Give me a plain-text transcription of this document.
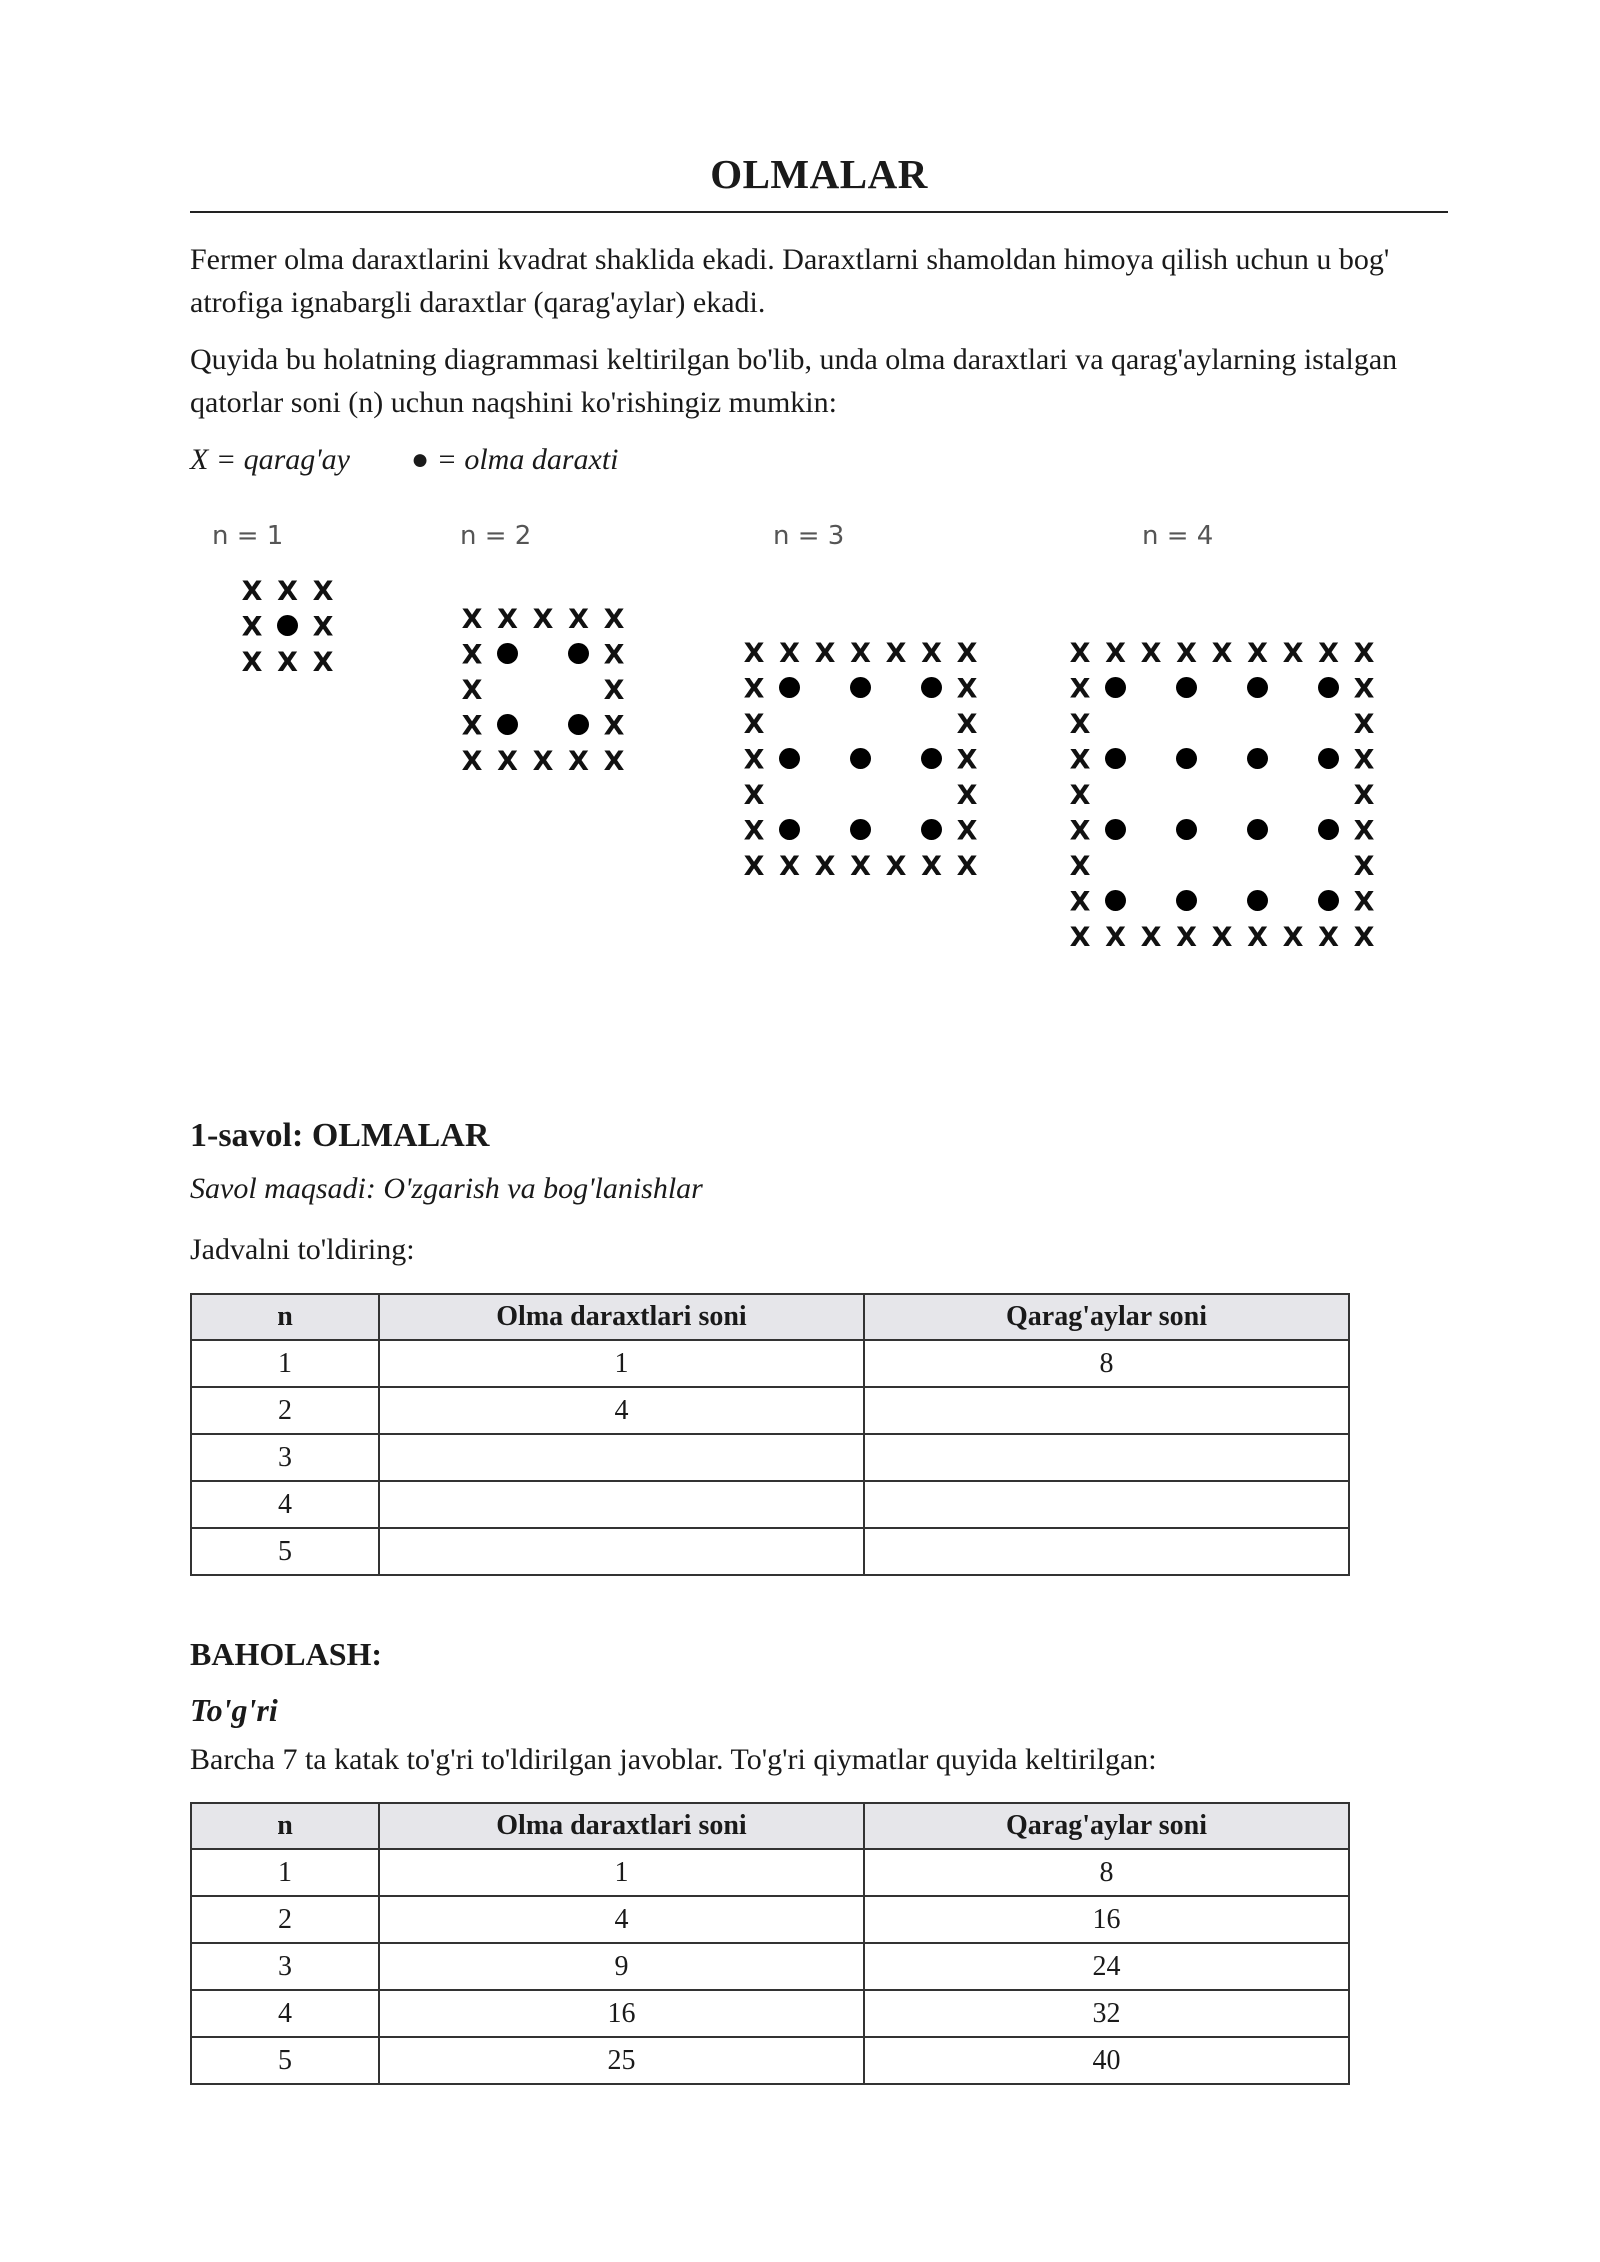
OLMALAR
Fermer olma daraxtlarini kvadrat shaklida ekadi. Daraxtlarni shamoldan himoya qilish uchun u bog' atrofiga ignabargli daraxtlar (qarag'aylar) ekadi.
Quyida bu holatning diagrammasi keltirilgan bo'lib, unda olma daraxtlari va qarag'aylarning istalgan qatorlar soni (n) uchun naqshini ko'rishingiz mumkin:
X = qarag'ay ● = olma daraxti
n = 1
X X X
X X
X X X
n = 2
X X X X X
X	X
X	X
X	X
X X X X X
n = 3
X X X X X X X
X	X
X	X
X	X
X	X
X	X
X X X X X X X
n = 4
X X X X X X X X X
X	X
X	X
X	X
X	X
X	X
X	X
X	X
X X X X X X X X X
1-savol: OLMALAR
Savol maqsadi: O'zgarish va bog'lanishlar
Jadvalni to'ldiring:
n	Olma daraxtlari soni	Qarag'aylar soni
1	1	8
2	4	
3		
4		
5		
BAHOLASH:
To'g'ri
Barcha 7 ta katak to'g'ri to'ldirilgan javoblar. To'g'ri qiymatlar quyida keltirilgan:
n	Olma daraxtlari soni	Qarag'aylar soni
1	1	8
2	4	16
3	9	24
4	16	32
5	25	40
